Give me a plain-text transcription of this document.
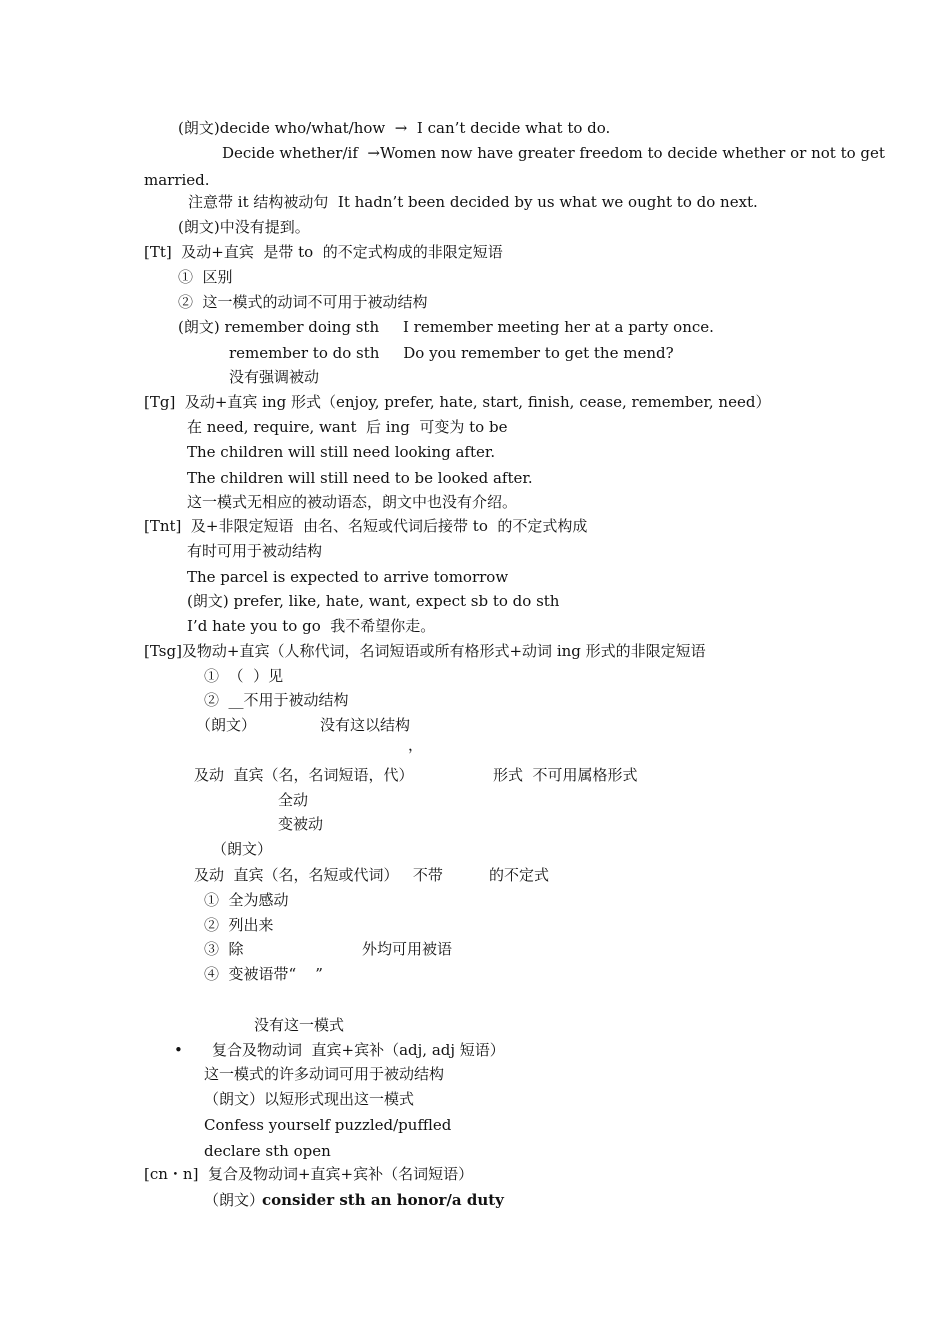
(朗文)decide who/what/how  →  I can’t decide what to do.
Decide whether/if  →Women now have greater freedom to decide whether or not to get
married.
注意带 it 结构被动句  It hadn’t been decided by us what we ought to do next.
(朗文)中没有提到。
[Tt]  及动+直宾  是带 to  的不定式构成的非限定短语
①  区别
②  这一模式的动词不可用于被动结构
(朗文) remember doing sth     I remember meeting her at a party once.
remember to do sth     Do you remember to get the mend?
没有强调被动
[Tg]  及动+直宾 ing 形式（enjoy, prefer, hate, start, finish, cease, remember, need）
在 need, require, want  后 ing  可变为 to be
The children will still need looking after.
The children will still need to be looked after.
这一模式无相应的被动语态，朗文中也没有介绍。
[Tnt]  及+非限定短语  由名、名短或代词后接带 to  的不定式构成
有时可用于被动结构
The parcel is expected to arrive tomorrow
(朗文) prefer, like, hate, want, expect sb to do sth
I’d hate you to go  我不希望你走。
[Tsg]及物动+直宾（人称代词，名词短语或所有格形式+动词 ing 形式的非限定短语
①  （  ）见
②  __不用于被动结构
（朗文）	没有这以结构
，
及动  直宾（名，名词短语，代）	形式  不可用属格形式
全动
变被动
（朗文）
及动  直宾（名，名短或代词）   不带	的不定式
①  全为感动
②  列出来
③  除	外均可用被语
④  变被语带“    ”
没有这一模式
• 复合及物动词  直宾+宾补（adj, adj 短语）
这一模式的许多动词可用于被动结构
（朗文）以短形式现出这一模式
Confess yourself puzzled/puffled
declare sth open
[cn・n]  复合及物动词+直宾+宾补（名词短语）
（朗文）
consider sth an honor/a duty
